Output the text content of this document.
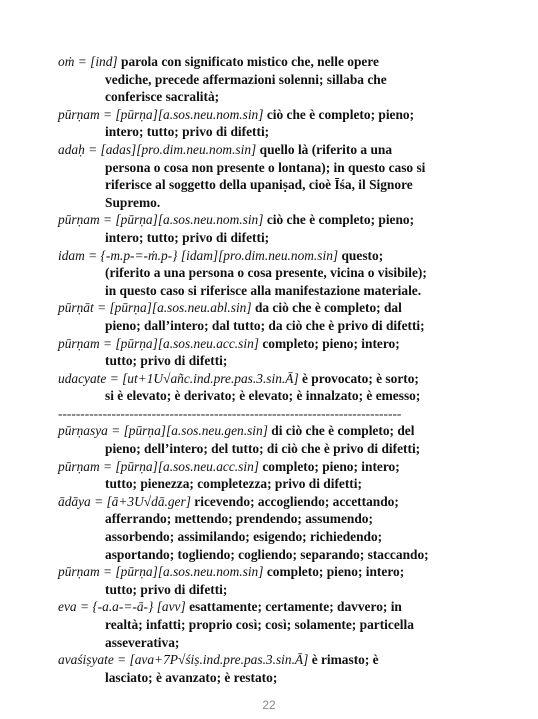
oṁ = [ind] parola con significato mistico che, nelle opere
vediche, precede affermazioni solenni; sillaba che
conferisce sacralità;
pūrṇam = [pūrṇa][a.sos.neu.nom.sin] ciò che è completo; pieno;
intero; tutto; privo di difetti;
adaḥ = [adas][pro.dim.neu.nom.sin] quello là (riferito a una
persona o cosa non presente o lontana); in questo caso si
riferisce al soggetto della upaniṣad, cioè Īśa, il Signore
Supremo.
pūrṇam = [pūrṇa][a.sos.neu.nom.sin] ciò che è completo; pieno;
intero; tutto; privo di difetti;
idam = {-m.p-=-ṁ.p-} [idam][pro.dim.neu.nom.sin] questo;
(riferito a una persona o cosa presente, vicina o visibile);
in questo caso si riferisce alla manifestazione materiale.
pūrṇāt = [pūrṇa][a.sos.neu.abl.sin] da ciò che è completo; dal
pieno; dall’intero; dal tutto; da ciò che è privo di difetti;
pūrṇam = [pūrṇa][a.sos.neu.acc.sin] completo; pieno; intero;
tutto; privo di difetti;
udacyate = [ut+1U√añc.ind.pre.pas.3.sin.Ā] è provocato; è sorto;
si è elevato; è derivato; è elevato; è innalzato; è emesso;
-----------------------------------------------------------------------------
pūrṇasya = [pūrṇa][a.sos.neu.gen.sin] di ciò che è completo; del
pieno; dell’intero; del tutto; di ciò che è privo di difetti;
pūrṇam = [pūrṇa][a.sos.neu.acc.sin] completo; pieno; intero;
tutto; pienezza; completezza; privo di difetti;
ādāya = [ā+3U√dā.ger] ricevendo; accogliendo; accettando;
afferrando; mettendo; prendendo; assumendo;
assorbendo; assimilando; esigendo; richiedendo;
asportando; togliendo; cogliendo; separando; staccando;
pūrṇam = [pūrṇa][a.sos.neu.nom.sin] completo; pieno; intero;
tutto; privo di difetti;
eva = {-a.a-=-ā-} [avv] esattamente; certamente; davvero; in
realtà; infatti; proprio così; così; solamente; particella
asseverativa;
avaśiṣyate = [ava+7P√śiṣ.ind.pre.pas.3.sin.Ā] è rimasto; è
lasciato; è avanzato; è restato;
22
